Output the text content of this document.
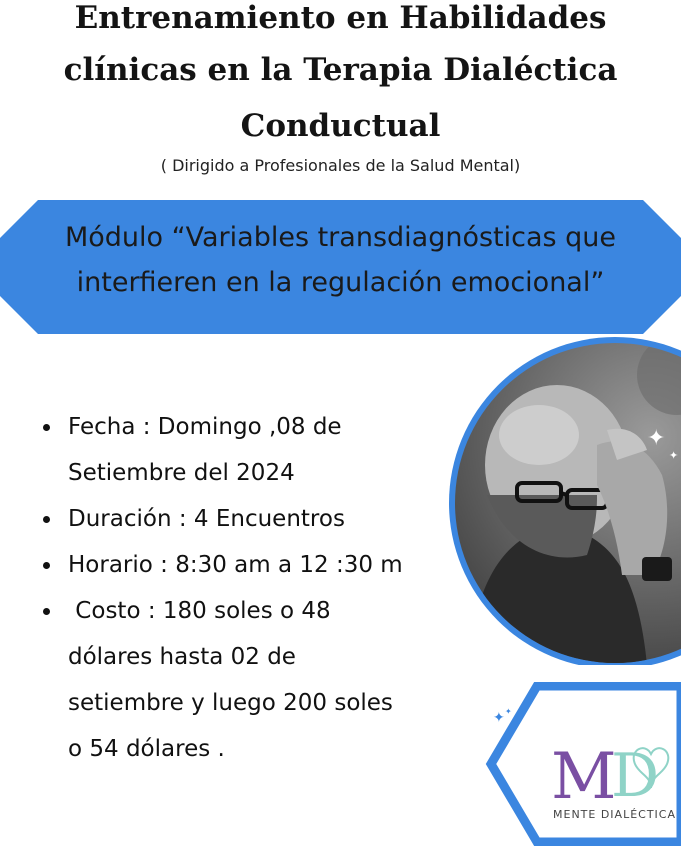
Entrenamiento en Habilidades
clínicas en la Terapia Dialéctica
Conductual
( Dirigido a Profesionales de la Salud Mental)
Módulo “Variables transdiagnósticas que
interfieren en la regulación emocional”
Fecha : Domingo ,08 de
Setiembre del 2024
Duración : 4 Encuentros
Horario : 8:30 am a 12 :30 m
Costo : 180 soles o 48
dólares hasta 02 de
setiembre y luego 200 soles
o 54 dólares .
✦
✦
✦ ✦
M
D
MENTE DIALÉCTICA
